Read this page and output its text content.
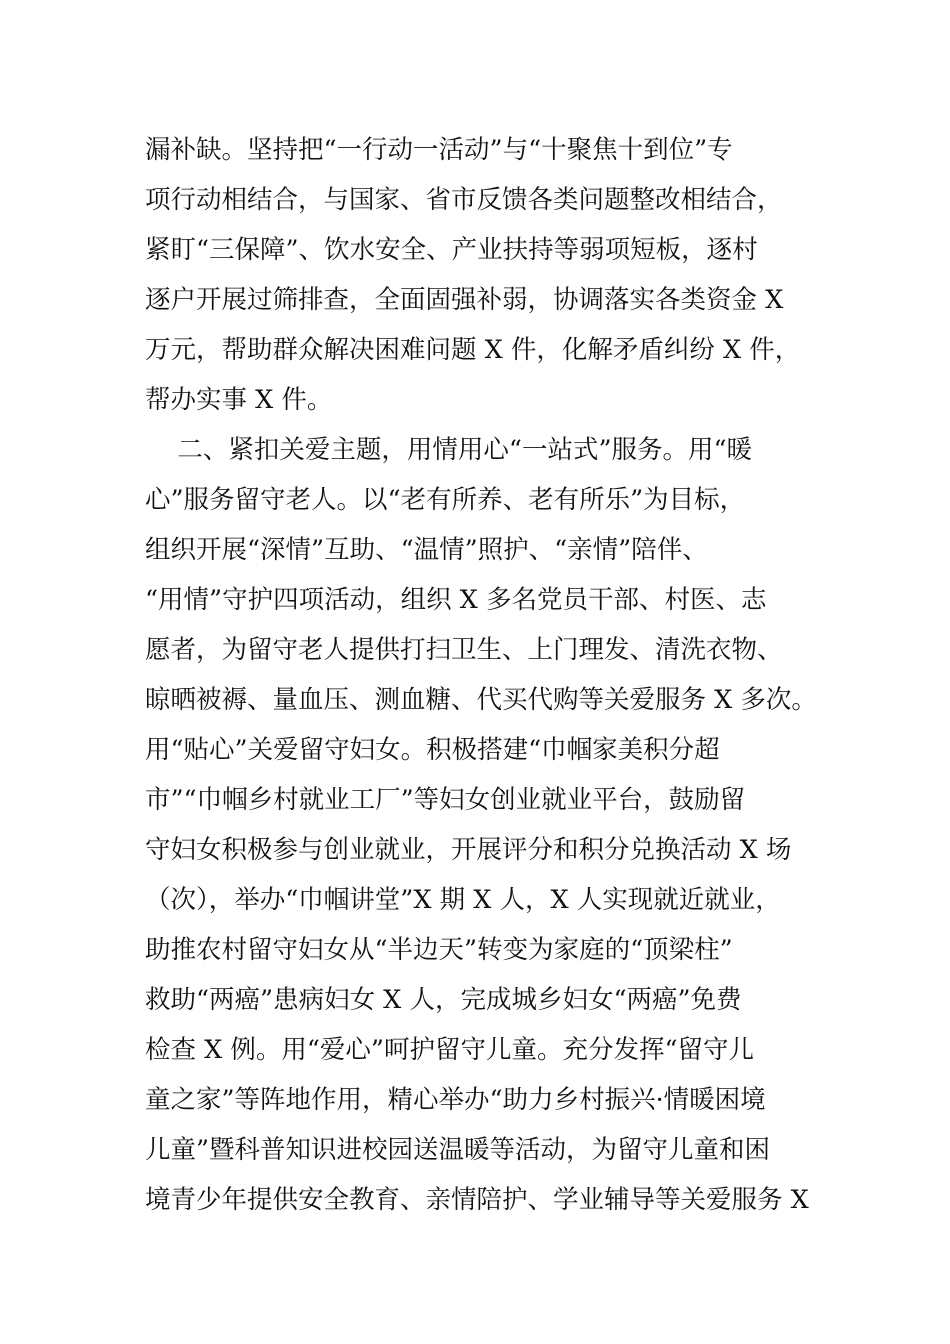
漏补缺。坚持把“一行动一活动”与“十聚焦十到位”专
项行动相结合，与国家、省市反馈各类问题整改相结合，
紧盯“三保障”、饮水安全、产业扶持等弱项短板，逐村
逐户开展过筛排查，全面固强补弱，协调落实各类资金 X
万元，帮助群众解决困难问题 X 件，化解矛盾纠纷 X 件，
帮办实事 X 件。
二、紧扣关爱主题，用情用心“一站式”服务。用“暖
心”服务留守老人。以“老有所养、老有所乐”为目标，
组织开展“深情”互助、“温情”照护、“亲情”陪伴、
“用情”守护四项活动，组织 X 多名党员干部、村医、志
愿者，为留守老人提供打扫卫生、上门理发、清洗衣物、
晾晒被褥、量血压、测血糖、代买代购等关爱服务 X 多次。
用“贴心”关爱留守妇女。积极搭建“巾帼家美积分超
市”“巾帼乡村就业工厂”等妇女创业就业平台，鼓励留
守妇女积极参与创业就业，开展评分和积分兑换活动 X 场
（次），举办“巾帼讲堂”X 期 X 人，X 人实现就近就业，
助推农村留守妇女从“半边天”转变为家庭的“顶梁柱”
救助“两癌”患病妇女 X 人，完成城乡妇女“两癌”免费
检查 X 例。用“爱心”呵护留守儿童。充分发挥“留守儿
童之家”等阵地作用，精心举办“助力乡村振兴·情暖困境
儿童”暨科普知识进校园送温暖等活动，为留守儿童和困
境青少年提供安全教育、亲情陪护、学业辅导等关爱服务 X
